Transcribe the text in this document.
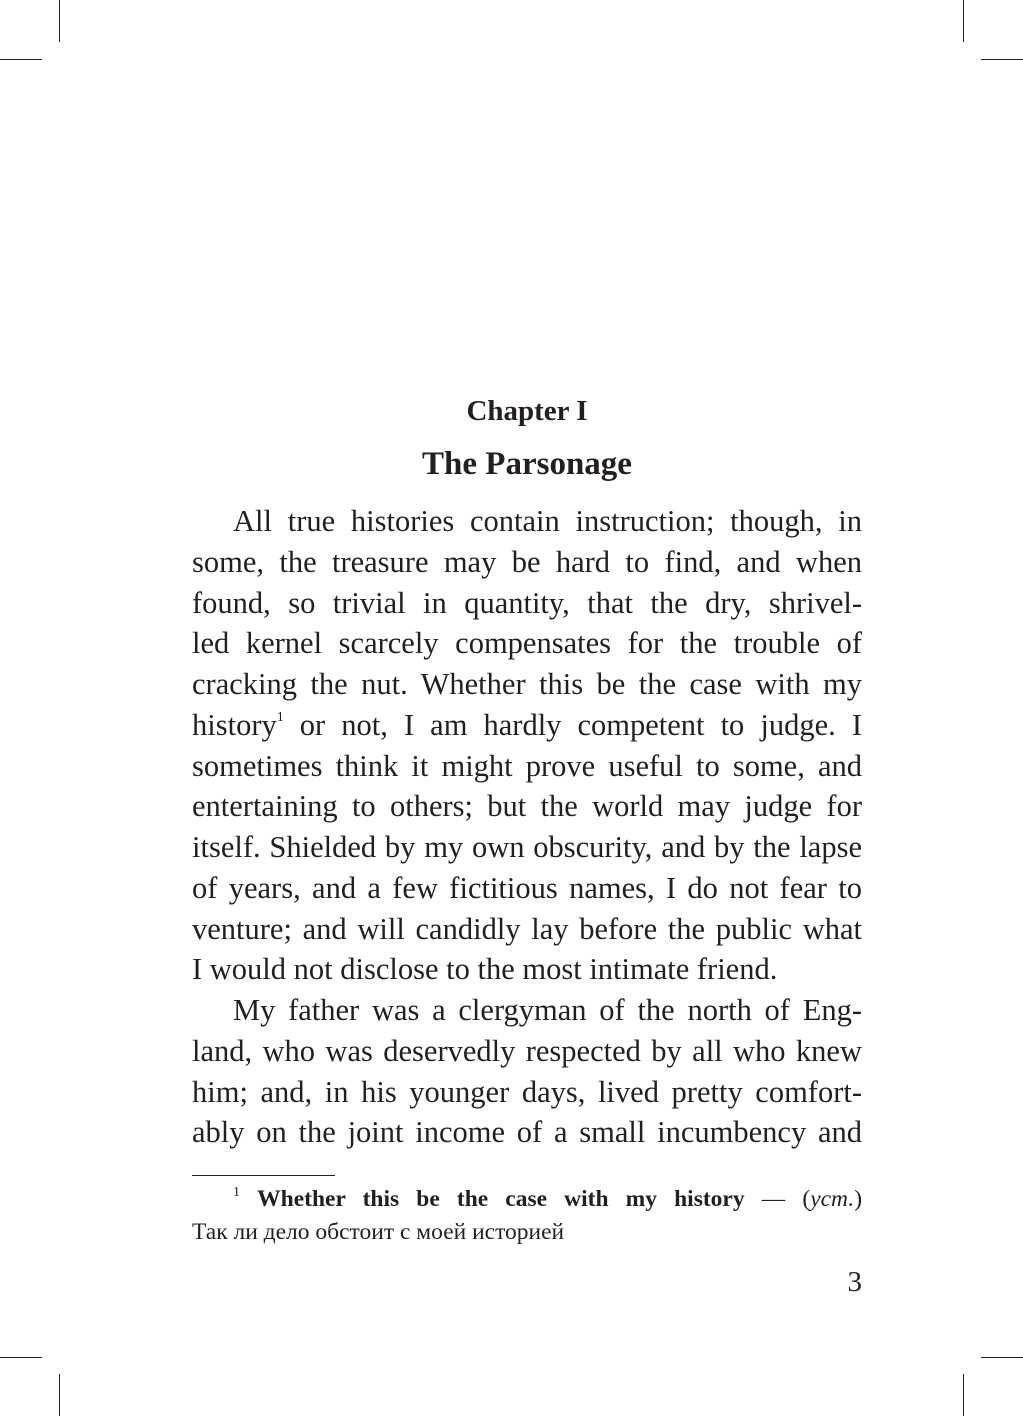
Chapter I
The Parsonage
All true histories contain instruction; though, in
some, the treasure may be hard to find, and when
found, so trivial in quantity, that the dry, shrivel-
led kernel scarcely compensates for the trouble of
cracking the nut. Whether this be the case with my
history$^1$ or not, I am hardly competent to judge. I
sometimes think it might prove useful to some, and
entertaining to others; but the world may judge for
itself. Shielded by my own obscurity, and by the lapse
of years, and a few fictitious names, I do not fear to
venture; and will candidly lay before the public what
I would not disclose to the most intimate friend.
My father was a clergyman of the north of Eng-
land, who was deservedly respected by all who knew
him; and, in his younger days, lived pretty comfort-
ably on the joint income of a small incumbency and
$^1$ Whether this be the case with my history — (уст.)
Так ли дело обстоит с моей историей
3
